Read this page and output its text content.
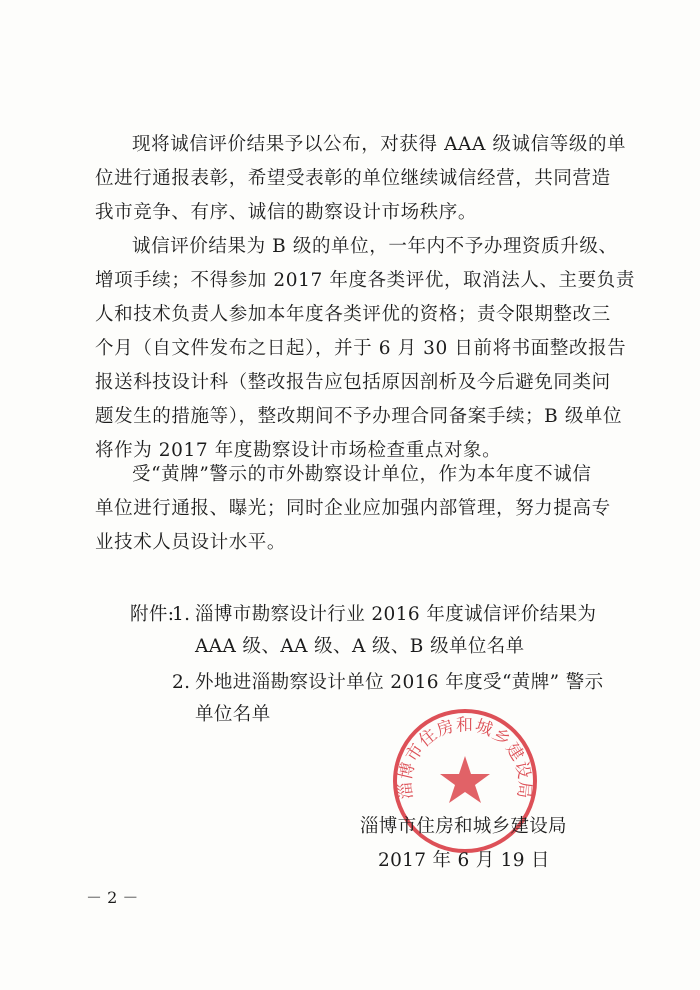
现将诚信评价结果予以公布，对获得 AAA 级诚信等级的单
位进行通报表彰，希望受表彰的单位继续诚信经营，共同营造
我市竞争、有序、诚信的勘察设计市场秩序。

诚信评价结果为 B 级的单位，一年内不予办理资质升级、
增项手续；不得参加 2017 年度各类评优，取消法人、主要负责
人和技术负责人参加本年度各类评优的资格；责令限期整改三
个月（自文件发布之日起），并于 6 月 30 日前将书面整改报告
报送科技设计科（整改报告应包括原因剖析及今后避免同类问
题发生的措施等），整改期间不予办理合同备案手续；B 级单位
将作为 2017 年度勘察设计市场检查重点对象。

受“黄牌”警示的市外勘察设计单位，作为本年度不诚信
单位进行通报、曝光；同时企业应加强内部管理，努力提高专
业技术人员设计水平。

附件:
1. 淄博市勘察设计行业 2016 年度诚信评价结果为
AAA 级、AA 级、A 级、B 级单位名单
2. 外地进淄勘察设计单位 2016 年度受“黄牌” 警示
单位名单
淄博市住房和城乡建设局
淄博市住房和城乡建设局
2017 年 6 月 19 日
－ 2 －
